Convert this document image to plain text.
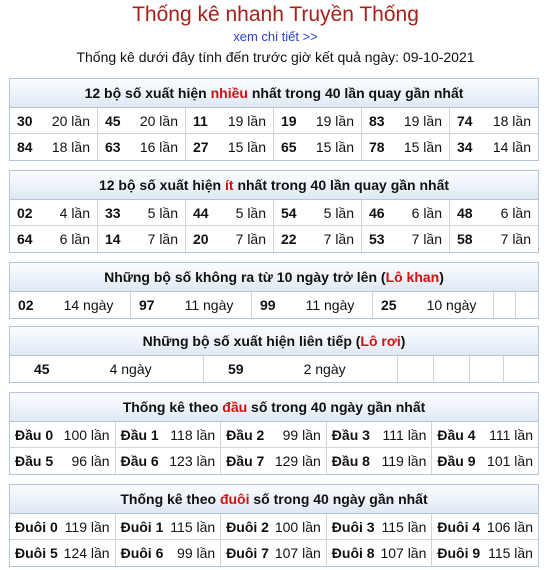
Thống kê nhanh Truyền Thống
xem chi tiết >>
Thống kê dưới đây tính đến trước giờ kết quả ngày: 09-10-2021
12 bộ số xuất hiện nhiều nhất trong 40 lần quay gần nhất
30 20 lần 45 20 lần 11 19 lần 19 19 lần 83 19 lần 74 18 lần
84 18 lần 63 16 lần 27 15 lần 65 15 lần 78 15 lần 34 14 lần
12 bộ số xuất hiện ít nhất trong 40 lần quay gần nhất
02 4 lần 33 5 lần 44 5 lần 54 5 lần 46 6 lần 48 6 lần
64 6 lần 14 7 lần 20 7 lần 22 7 lần 53 7 lần 58 7 lần
Những bộ số không ra từ 10 ngày trở lên (Lô khan)
02 14 ngày 97 11 ngày 99 11 ngày 25 10 ngày
Những bộ số xuất hiện liên tiếp (Lô rơi)
45	4 ngày	59	2 ngày
Thống kê theo đầu số trong 40 ngày gần nhất
Đầu 0 100 lần Đầu 1 118 lần Đầu 2 99 lần Đầu 3 111 lần Đầu 4 111 lần
Đầu 5 96 lần Đầu 6 123 lần Đầu 7 129 lần Đầu 8 119 lần Đầu 9 101 lần
Thống kê theo đuôi số trong 40 ngày gần nhất
Đuôi 0 119 lần Đuôi 1 115 lần Đuôi 2 100 lần Đuôi 3 115 lần Đuôi 4 106 lần
Đuôi 5 124 lần Đuôi 6 99 lần Đuôi 7 107 lần Đuôi 8 107 lần Đuôi 9 115 lần
